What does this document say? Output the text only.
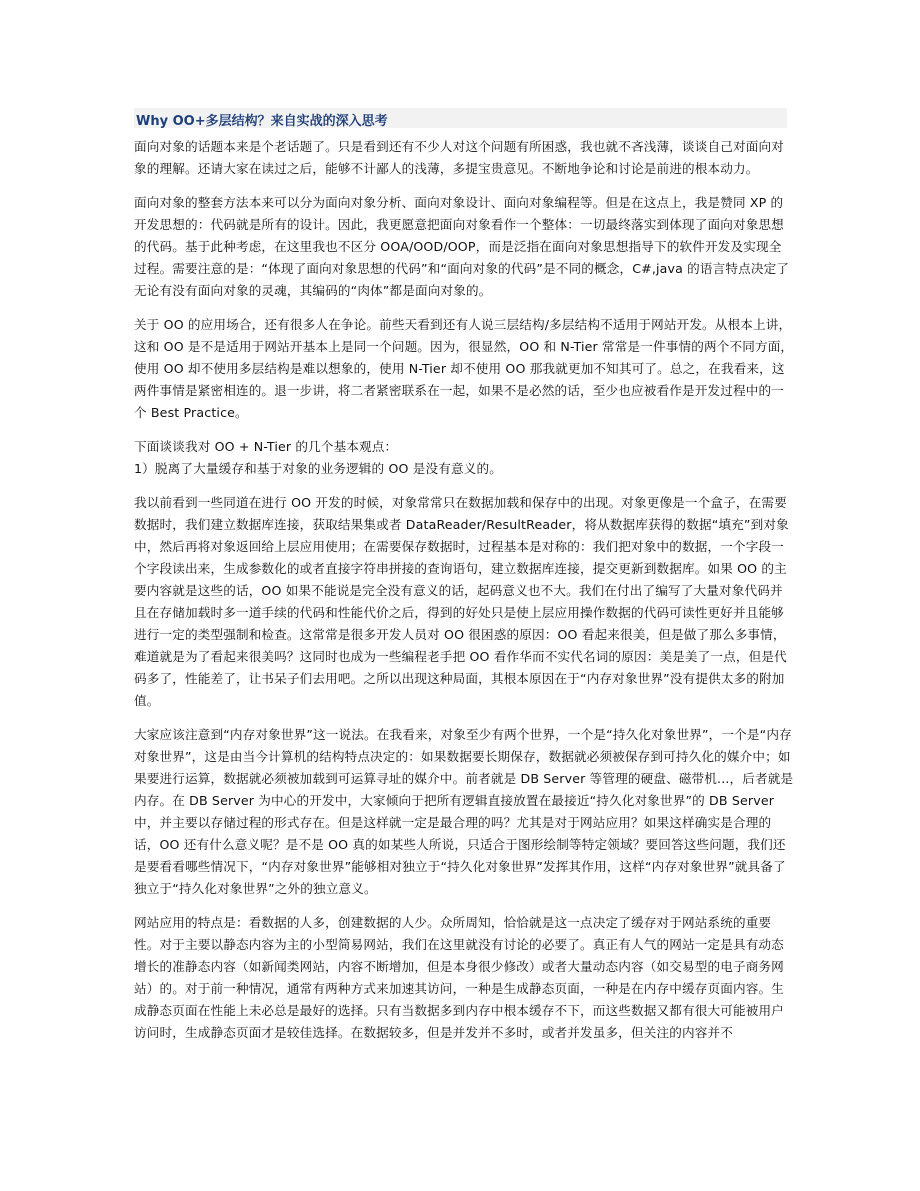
Why OO+多层结构？来自实战的深入思考

面向对象的话题本来是个老话题了。只是看到还有不少人对这个问题有所困惑，我也就不吝浅薄，谈谈自己对面向对象的理解。还请大家在读过之后，能够不计鄙人的浅薄，多提宝贵意见。不断地争论和讨论是前进的根本动力。

面向对象的整套方法本来可以分为面向对象分析、面向对象设计、面向对象编程等。但是在这点上，我是赞同 XP 的开发思想的：代码就是所有的设计。因此，我更愿意把面向对象看作一个整体：一切最终落实到体现了面向对象思想的代码。基于此种考虑，在这里我也不区分 OOA/OOD/OOP，而是泛指在面向对象思想指导下的软件开发及实现全过程。需要注意的是：“体现了面向对象思想的代码”和“面向对象的代码”是不同的概念，C#,java 的语言特点决定了无论有没有面向对象的灵魂，其编码的“肉体”都是面向对象的。

关于 OO 的应用场合，还有很多人在争论。前些天看到还有人说三层结构/多层结构不适用于网站开发。从根本上讲，这和 OO 是不是适用于网站开基本上是同一个问题。因为，很显然，OO 和 N-Tier 常常是一件事情的两个不同方面，使用 OO 却不使用多层结构是难以想象的，使用 N-Tier 却不使用 OO 那我就更加不知其可了。总之，在我看来，这两件事情是紧密相连的。退一步讲，将二者紧密联系在一起，如果不是必然的话，至少也应被看作是开发过程中的一个 Best Practice。

下面谈谈我对 OO + N-Tier 的几个基本观点：

1）脱离了大量缓存和基于对象的业务逻辑的 OO 是没有意义的。

我以前看到一些同道在进行 OO 开发的时候，对象常常只在数据加载和保存中的出现。对象更像是一个盒子，在需要数据时，我们建立数据库连接，获取结果集或者 DataReader/ResultReader，将从数据库获得的数据“填充”到对象中，然后再将对象返回给上层应用使用；在需要保存数据时，过程基本是对称的：我们把对象中的数据，一个字段一个字段读出来，生成参数化的或者直接字符串拼接的查询语句，建立数据库连接，提交更新到数据库。如果 OO 的主要内容就是这些的话，OO 如果不能说是完全没有意义的话，起码意义也不大。我们在付出了编写了大量对象代码并且在存储加载时多一道手续的代码和性能代价之后，得到的好处只是使上层应用操作数据的代码可读性更好并且能够进行一定的类型强制和检查。这常常是很多开发人员对 OO 很困惑的原因：OO 看起来很美，但是做了那么多事情，难道就是为了看起来很美吗？这同时也成为一些编程老手把 OO 看作华而不实代名词的原因：美是美了一点，但是代码多了，性能差了，让书呆子们去用吧。之所以出现这种局面，其根本原因在于“内存对象世界”没有提供太多的附加值。

大家应该注意到“内存对象世界”这一说法。在我看来，对象至少有两个世界，一个是“持久化对象世界”，一个是“内存对象世界”，这是由当今计算机的结构特点决定的：如果数据要长期保存，数据就必须被保存到可持久化的媒介中；如果要进行运算，数据就必须被加载到可运算寻址的媒介中。前者就是 DB Server 等管理的硬盘、磁带机...，后者就是内存。在 DB Server 为中心的开发中，大家倾向于把所有逻辑直接放置在最接近“持久化对象世界”的 DB Server 中，并主要以存储过程的形式存在。但是这样就一定是最合理的吗？尤其是对于网站应用？如果这样确实是合理的话，OO 还有什么意义呢？是不是 OO 真的如某些人所说，只适合于图形绘制等特定领域？要回答这些问题，我们还是要看看哪些情况下，“内存对象世界”能够相对独立于“持久化对象世界”发挥其作用，这样“内存对象世界”就具备了独立于“持久化对象世界”之外的独立意义。

网站应用的特点是：看数据的人多，创建数据的人少。众所周知，恰恰就是这一点决定了缓存对于网站系统的重要性。对于主要以静态内容为主的小型简易网站，我们在这里就没有讨论的必要了。真正有人气的网站一定是具有动态增长的准静态内容（如新闻类网站，内容不断增加，但是本身很少修改）或者大量动态内容（如交易型的电子商务网站）的。对于前一种情况，通常有两种方式来加速其访问，一种是生成静态页面，一种是在内存中缓存页面内容。生成静态页面在性能上未必总是最好的选择。只有当数据多到内存中根本缓存不下，而这些数据又都有很大可能被用户访问时，生成静态页面才是较佳选择。在数据较多，但是并发并不多时，或者并发虽多，但关注的内容并不
